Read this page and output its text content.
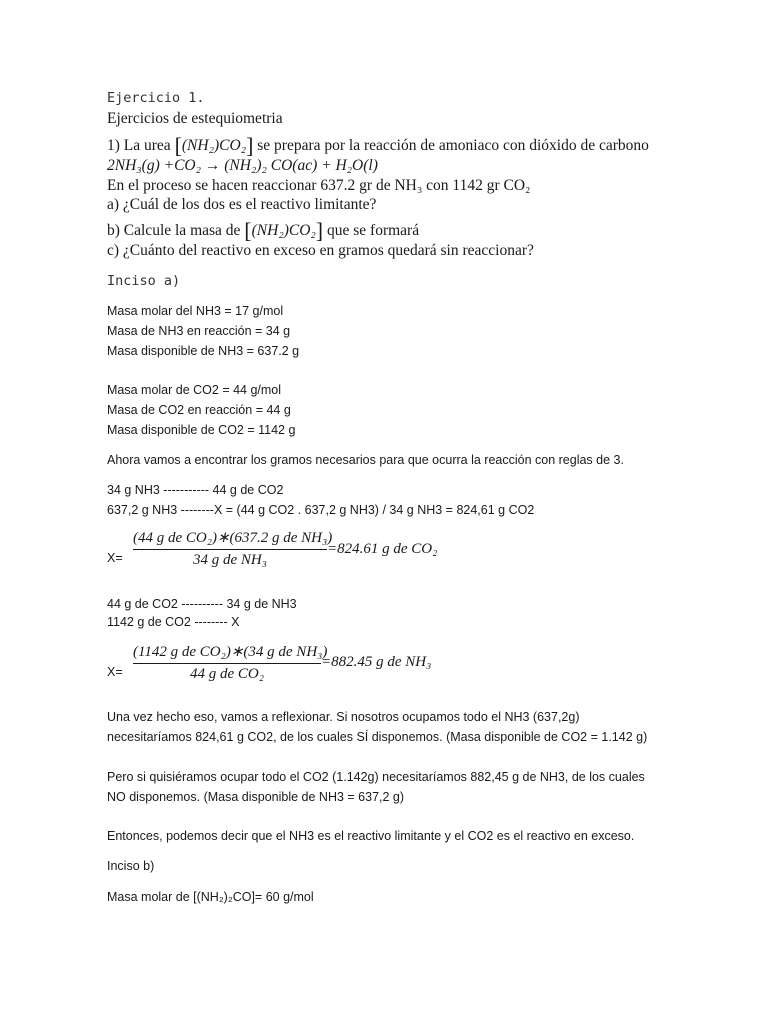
Ejercicio 1.
Ejercicios de estequiometria
1) La urea [(NH₂)CO₂] se prepara por la reacción de amoniaco con dióxido de carbono
2NH₃(g) +CO₂ → (NH₂)₂ CO(ac) + H₂O(l)
En el proceso se hacen reaccionar 637.2 gr de NH₃ con 1142 gr CO₂
a) ¿Cuál de los dos es el reactivo limitante?
b) Calcule la masa de [(NH₂)CO₂] que se formará
c) ¿Cuánto del reactivo en exceso en gramos quedará sin reaccionar?
Inciso a)
Masa molar del NH3 = 17 g/mol
Masa de NH3 en reacción = 34 g
Masa disponible de NH3 = 637.2 g
Masa molar de CO2 = 44 g/mol
Masa de CO2 en reacción = 44 g
Masa disponible de CO2 = 1142 g
Ahora vamos a encontrar los gramos necesarios para que ocurra la reacción con reglas de 3.
34 g NH3 ----------- 44 g de CO2
637,2 g NH3 --------X = (44 g CO2 . 637,2 g NH3) / 34 g NH3 = 824,61 g CO2
X=
(44 g de CO₂)∗(637.2 g de NH₃)
34 g de NH₃
=824.61 g de CO₂
44 g de CO2 ---------- 34 g de NH3
1142 g de CO2 -------- X
X=
(1142 g de CO₂)∗(34 g de NH₃)
44 g de CO₂
=882.45 g de NH₃
Una vez hecho eso, vamos a reflexionar. Si nosotros ocupamos todo el NH3 (637,2g)
necesitaríamos 824,61 g CO2, de los cuales SÍ disponemos. (Masa disponible de CO2 = 1.142 g)
Pero si quisiéramos ocupar todo el CO2 (1.142g) necesitaríamos 882,45 g de NH3, de los cuales
NO disponemos. (Masa disponible de NH3 = 637,2 g)
Entonces, podemos decir que el NH3 es el reactivo limitante y el CO2 es el reactivo en exceso.
Inciso b)
Masa molar de [(NH₂)₂CO]= 60 g/mol
